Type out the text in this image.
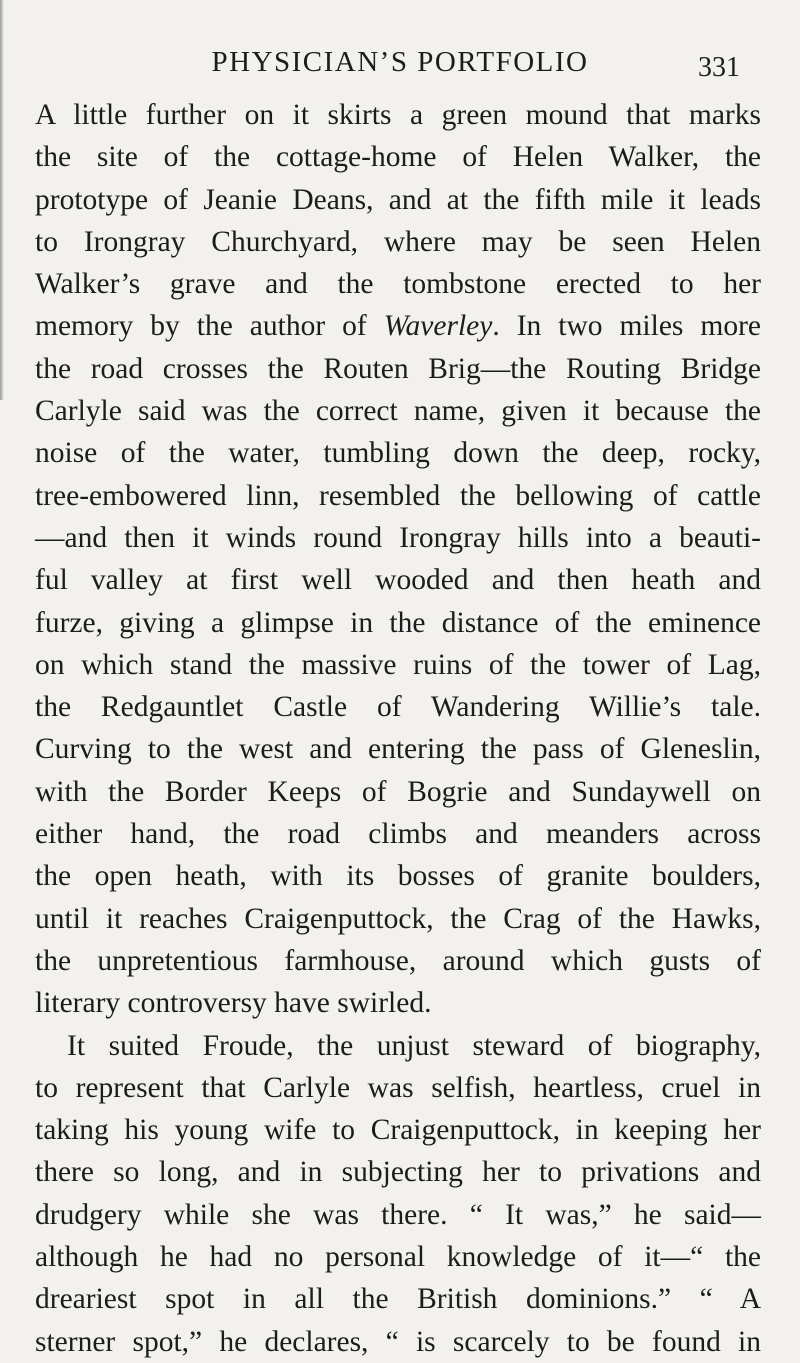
PHYSICIAN’S PORTFOLIO	331
A little further on it skirts a green mound that marks
the site of the cottage-home of Helen Walker, the
prototype of Jeanie Deans, and at the fifth mile it leads
to Irongray Churchyard, where may be seen Helen
Walker’s grave and the tombstone erected to her
memory by the author of Waverley. In two miles more
the road crosses the Routen Brig—the Routing Bridge
Carlyle said was the correct name, given it because the
noise of the water, tumbling down the deep, rocky,
tree-embowered linn, resembled the bellowing of cattle
—and then it winds round Irongray hills into a beauti-
ful valley at first well wooded and then heath and
furze, giving a glimpse in the distance of the eminence
on which stand the massive ruins of the tower of Lag,
the Redgauntlet Castle of Wandering Willie’s tale.
Curving to the west and entering the pass of Gleneslin,
with the Border Keeps of Bogrie and Sundaywell on
either hand, the road climbs and meanders across
the open heath, with its bosses of granite boulders,
until it reaches Craigenputtock, the Crag of the Hawks,
the unpretentious farmhouse, around which gusts of
literary controversy have swirled.
It suited Froude, the unjust steward of biography,
to represent that Carlyle was selfish, heartless, cruel in
taking his young wife to Craigenputtock, in keeping her
there so long, and in subjecting her to privations and
drudgery while she was there. “ It was,” he said—
although he had no personal knowledge of it—“ the
dreariest spot in all the British dominions.” “ A
sterner spot,” he declares, “ is scarcely to be found in
